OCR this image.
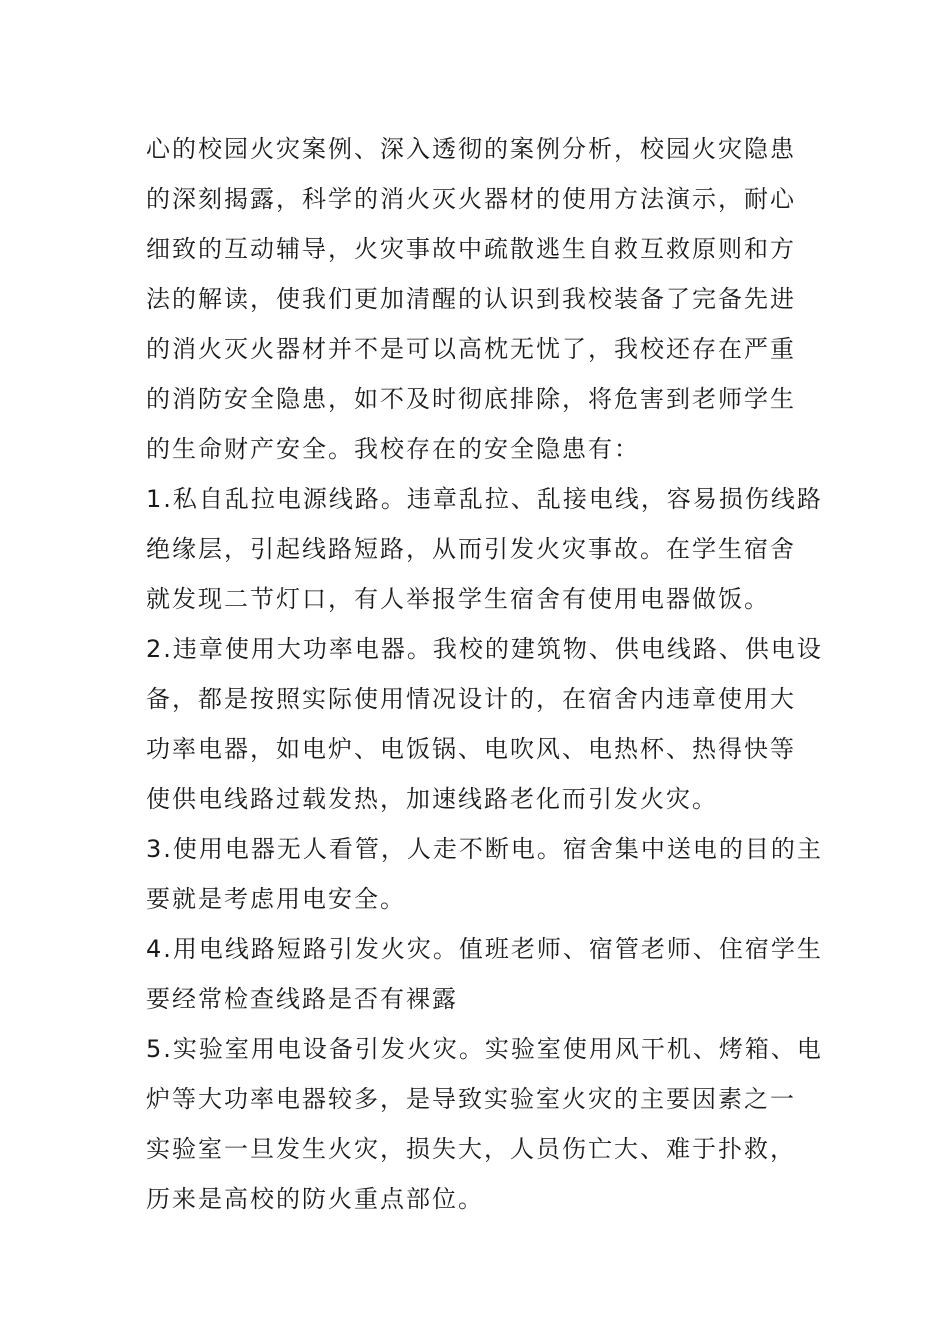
心的校园火灾案例、深入透彻的案例分析，校园火灾隐患
的深刻揭露，科学的消火灭火器材的使用方法演示，耐心
细致的互动辅导，火灾事故中疏散逃生自救互救原则和方
法的解读，使我们更加清醒的认识到我校装备了完备先进
的消火灭火器材并不是可以高枕无忧了，我校还存在严重
的消防安全隐患，如不及时彻底排除，将危害到老师学生
的生命财产安全。我校存在的安全隐患有：
1.私自乱拉电源线路。违章乱拉、乱接电线，容易损伤线路
绝缘层，引起线路短路，从而引发火灾事故。在学生宿舍
就发现二节灯口，有人举报学生宿舍有使用电器做饭。
2.违章使用大功率电器。我校的建筑物、供电线路、供电设
备，都是按照实际使用情况设计的，在宿舍内违章使用大
功率电器，如电炉、电饭锅、电吹风、电热杯、热得快等
使供电线路过载发热，加速线路老化而引发火灾。
3.使用电器无人看管，人走不断电。宿舍集中送电的目的主
要就是考虑用电安全。
4.用电线路短路引发火灾。值班老师、宿管老师、住宿学生
要经常检查线路是否有裸露
5.实验室用电设备引发火灾。实验室使用风干机、烤箱、电
炉等大功率电器较多，是导致实验室火灾的主要因素之一
实验室一旦发生火灾，损失大，人员伤亡大、难于扑救，
历来是高校的防火重点部位。
